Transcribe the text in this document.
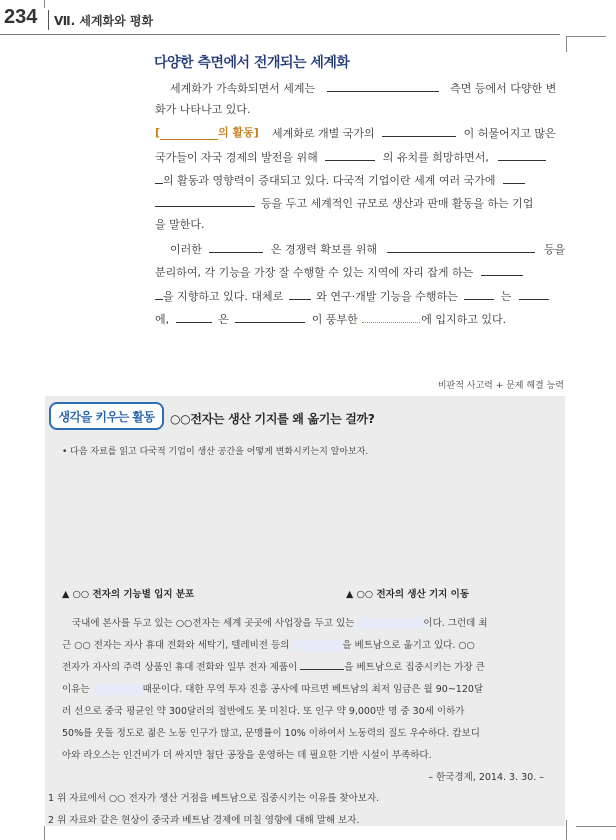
234 Ⅶ. 세계화와 평화
다양한 측면에서 전개되는 세계화
세계화가 가속화되면서 세계는	측면 등에서 다양한 변
화가 나타나고 있다.
[	의 활동] 세계화로 개별 국가의	이 허물어지고 많은
국가들이 자국 경제의 발전을 위해	의 유치를 희망하면서,
의 활동과 영향력이 증대되고 있다. 다국적 기업이란 세계 여러 국가에
등을 두고 세계적인 규모로 생산과 판매 활동을 하는 기업
을 말한다.
이러한	은 경쟁력 확보를 위해	등을
분리하여, 각 기능을 가장 잘 수행할 수 있는 지역에 자리 잡게 하는
을 지향하고 있다. 대체로	와 연구·개발 기능을 수행하는	는
에,	은	이 풍부한	에 입지하고 있다.
비판적 사고력 + 문제 해결 능력
생각을 키우는 활동	○○전자는 생산 기지를 왜 옮기는 걸까?
• 다음 자료를 읽고 다국적 기업이 생산 공간을 어떻게 변화시키는지 알아보자.
▲ ○○ 전자의 기능별 입지 분포	▲ ○○ 전자의 생산 기지 이동
국내에 본사를 두고 있는 ○○전자는 세계 곳곳에 사업장을 두고 있는	이다. 그런데 최
근 ○○ 전자는 자사 휴대 전화와 세탁기, 텔레비전 등의	을 베트남으로 옮기고 있다. ○○
전자가 자사의 주력 상품인 휴대 전화와 일부 전자 제품이	을 베트남으로 집중시키는 가장 큰
이유는	때문이다. 대한 무역 투자 진흥 공사에 따르면 베트남의 최저 임금은 월 90~120달
러 선으로 중국 평균인 약 300달러의 절반에도 못 미친다. 또 인구 약 9,000만 명 중 30세 이하가
50%를 웃돌 정도로 젊은 노동 인구가 많고, 문맹률이 10% 이하여서 노동력의 질도 우수하다. 캄보디
아와 라오스는 인건비가 더 싸지만 첨단 공장을 운영하는 데 필요한 기반 시설이 부족하다.
– 한국경제, 2014. 3. 30. –
1 위 자료에서 ○○ 전자가 생산 거점을 베트남으로 집중시키는 이유를 찾아보자.
2 위 자료와 같은 현상이 중국과 베트남 경제에 미칠 영향에 대해 말해 보자.
